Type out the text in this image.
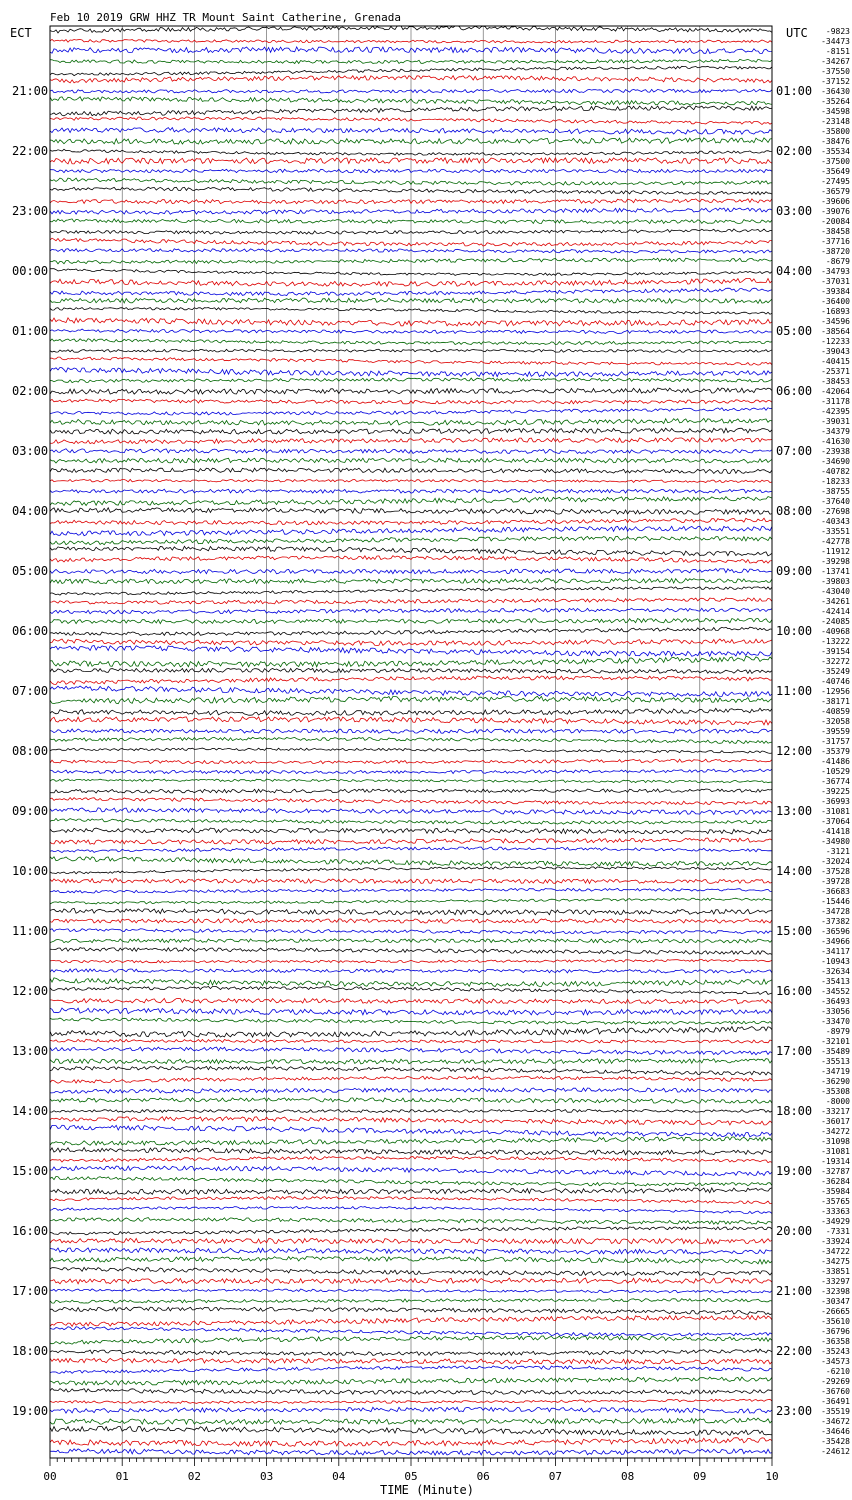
Feb 10 2019 GRW HHZ TR Mount Saint Catherine, Grenada
ECT	UTC
21:00
22:00
23:00
00:00
01:00
02:00
03:00
04:00
05:00
06:00
07:00
08:00
09:00
10:00
11:00
12:00
13:00
14:00
15:00
16:00
17:00
18:00
19:00
01:00
02:00
03:00
04:00
05:00
06:00
07:00
08:00
09:00
10:00
11:00
12:00
13:00
14:00
15:00
16:00
17:00
18:00
19:00
20:00
21:00
22:00
23:00
-9823
-34473
-8151
-34267
-37550
-37152
-36430
-35264
-34598
-23148
-35800
-38476
-35534
-37500
-35649
-27495
-36579
-39606
-39076
-20084
-38458
-37716
-38720
-8679
-34793
-37031
-39384
-36400
-16893
-34596
-38564
-12233
-39043
-40415
-25371
-38453
-42064
-31178
-42395
-39031
-34379
-41630
-23938
-34690
-40782
-18233
-38755
-37640
-27698
-40343
-33551
-42778
-11912
-39298
-13741
-39803
-43040
-34261
-42414
-24085
-40968
-13222
-39154
-32272
-35249
-40746
-12956
-38171
-40859
-32058
-39559
-31757
-35379
-41486
-10529
-36774
-39225
-36993
-31081
-37064
-41418
-34980
-3121
-32024
-37528
-39728
-36683
-15446
-34728
-37382
-36596
-34966
-34117
-10943
-32634
-35413
-34552
-36493
-33056
-33470
-8979
-32101
-35489
-35513
-34719
-36290
-35308
-8000
-33217
-36017
-34272
-31098
-31081
-19314
-32787
-36284
-35984
-35765
-33363
-34929
-7331
-33924
-34722
-34275
-33851
-33297
-32398
-30347
-26665
-35610
-36796
-36358
-35243
-34573
-6210
-29269
-36760
-36491
-35519
-34672
-34646
-35428
-24612
00	01	02	03	04	05	06	07	08	09	10
TIME (Minute)
